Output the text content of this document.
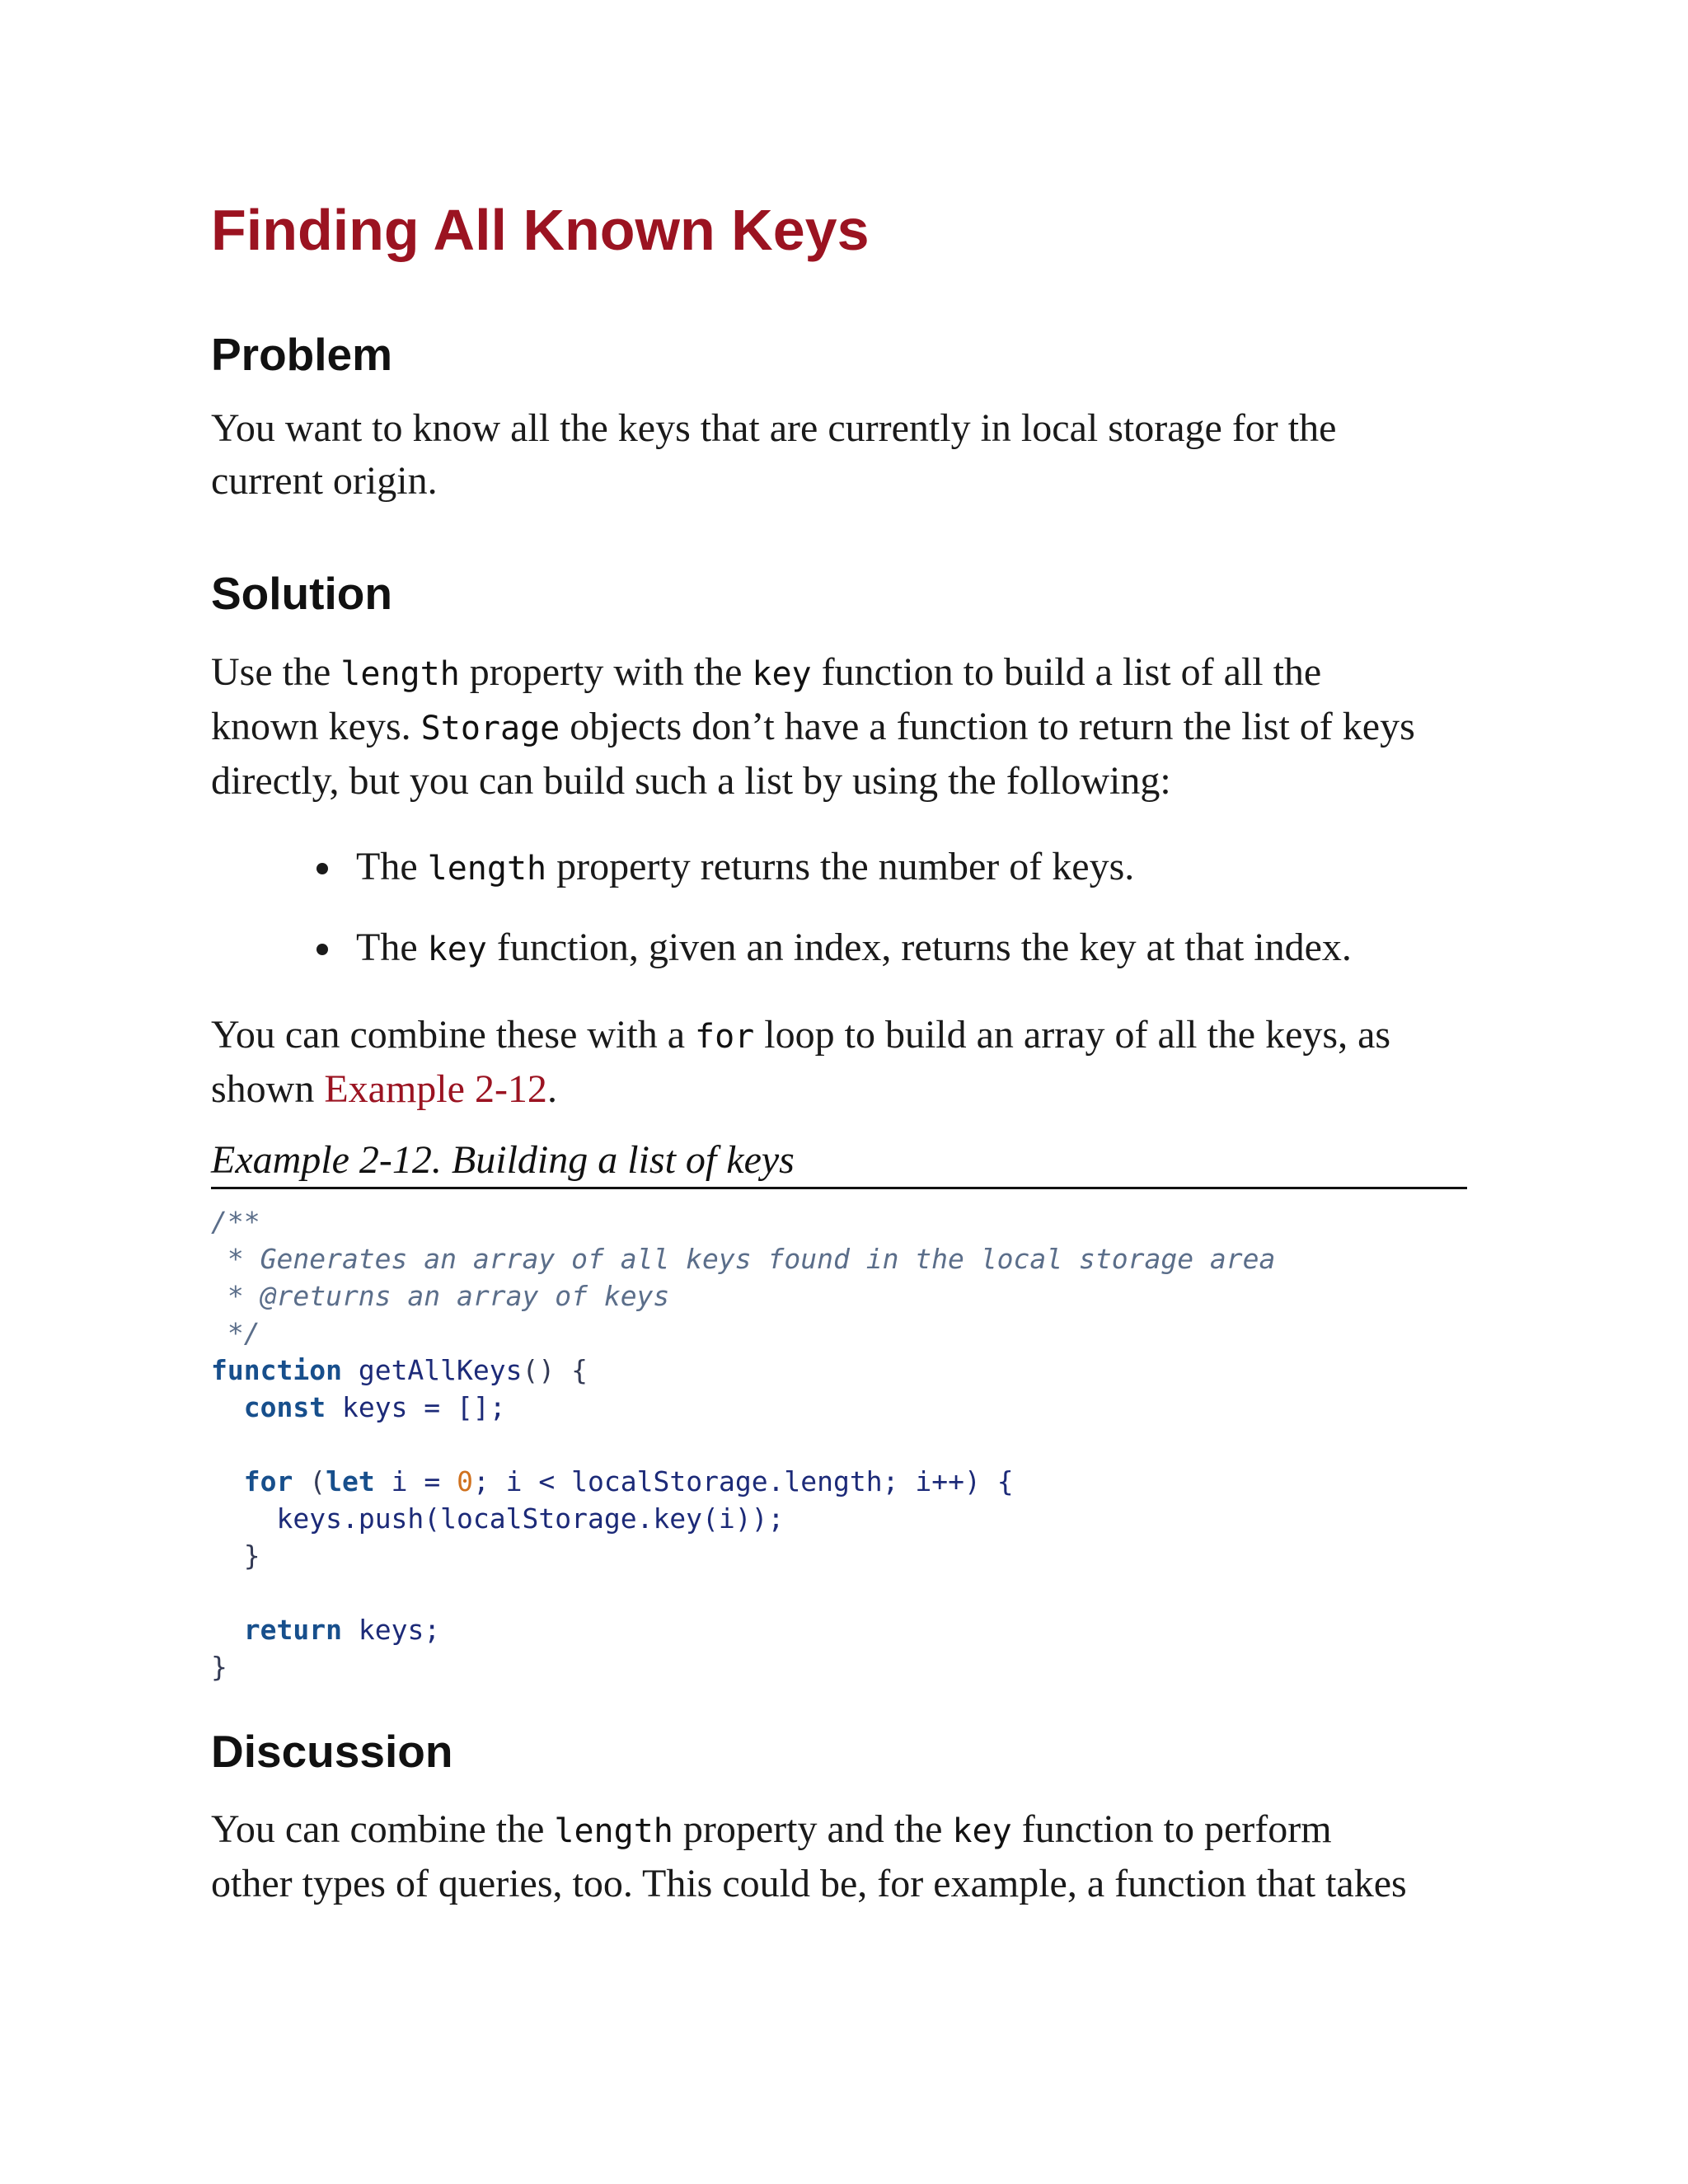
Finding All Known Keys
Problem

You want to know all the keys that are currently in local storage for the
current origin.

Solution

Use the length property with the key function to build a list of all the
known keys. Storage objects don’t have a function to return the list of keys
directly, but you can build such a list by using the following:

The length property returns the number of keys.
The key function, given an index, returns the key at that index.

You can combine these with a for loop to build an array of all the keys, as
shown Example 2-12.

Example 2-12. Building a list of keys
/**
* Generates an array of all keys found in the local storage area
* @returns an array of keys
*/
function getAllKeys() {
const keys = [];

for (let i = 0; i < localStorage.length; i++) {
keys.push(localStorage.key(i));
}

return keys;
}
Discussion

You can combine the length property and the key function to perform
other types of queries, too. This could be, for example, a function that takes
